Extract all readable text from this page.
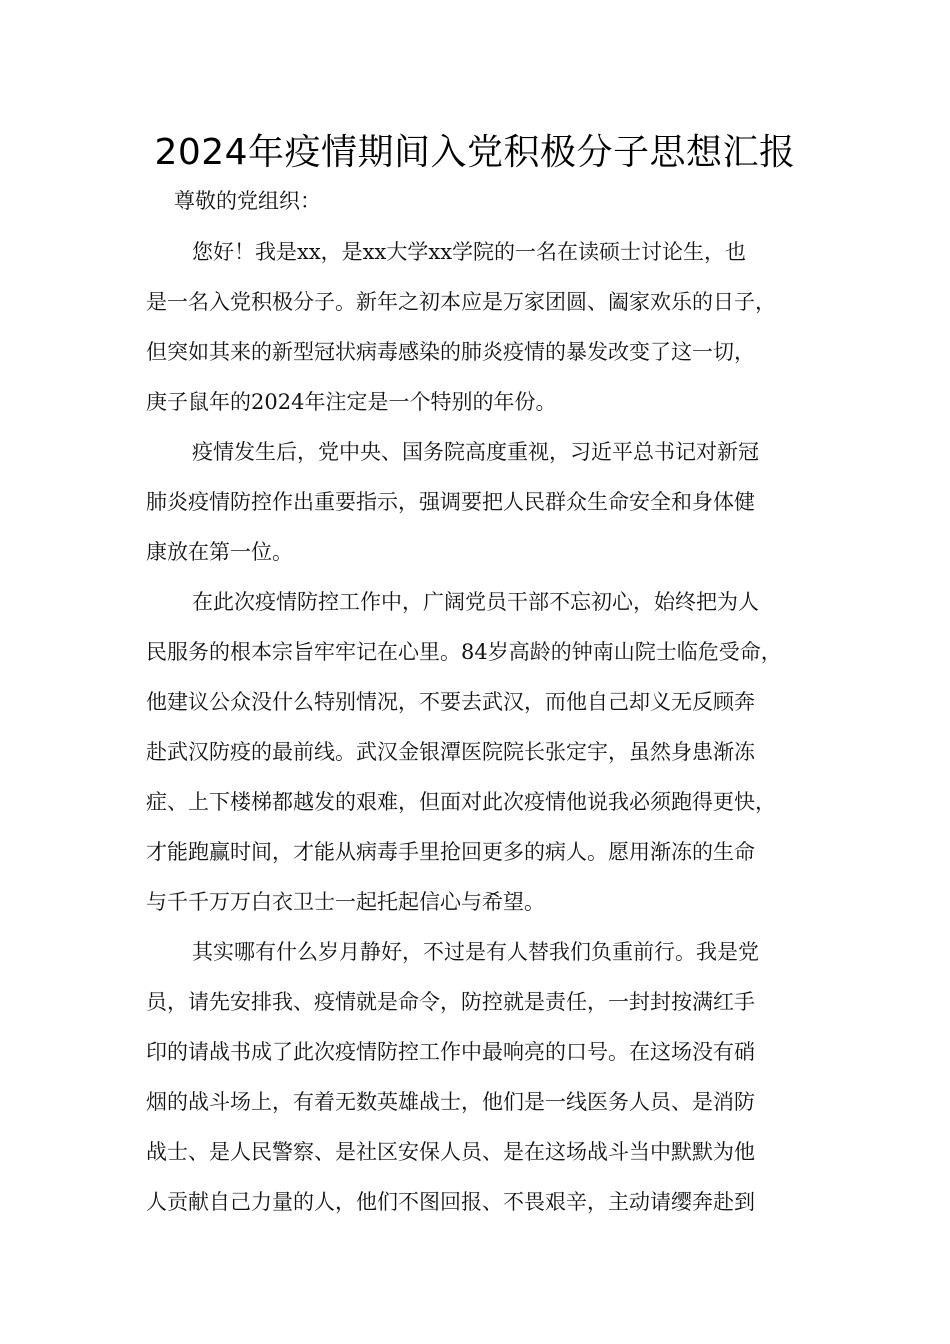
2024年疫情期间入党积极分子思想汇报
尊敬的党组织：
您好！我是xx，是xx大学xx学院的一名在读硕士讨论生，也
是一名入党积极分子。新年之初本应是万家团圆、阖家欢乐的日子，
但突如其来的新型冠状病毒感染的肺炎疫情的暴发改变了这一切，
庚子鼠年的2024年注定是一个特别的年份。
疫情发生后，党中央、国务院高度重视，习近平总书记对新冠
肺炎疫情防控作出重要指示，强调要把人民群众生命安全和身体健
康放在第一位。
在此次疫情防控工作中，广阔党员干部不忘初心，始终把为人
民服务的根本宗旨牢牢记在心里。84岁高龄的钟南山院士临危受命，
他建议公众没什么特别情况，不要去武汉，而他自己却义无反顾奔
赴武汉防疫的最前线。武汉金银潭医院院长张定宇，虽然身患渐冻
症、上下楼梯都越发的艰难，但面对此次疫情他说我必须跑得更快，
才能跑赢时间，才能从病毒手里抢回更多的病人。愿用渐冻的生命
与千千万万白衣卫士一起托起信心与希望。
其实哪有什么岁月静好，不过是有人替我们负重前行。我是党
员，请先安排我、疫情就是命令，防控就是责任，一封封按满红手
印的请战书成了此次疫情防控工作中最响亮的口号。在这场没有硝
烟的战斗场上，有着无数英雄战士，他们是一线医务人员、是消防
战士、是人民警察、是社区安保人员、是在这场战斗当中默默为他
人贡献自己力量的人，他们不图回报、不畏艰辛，主动请缨奔赴到
